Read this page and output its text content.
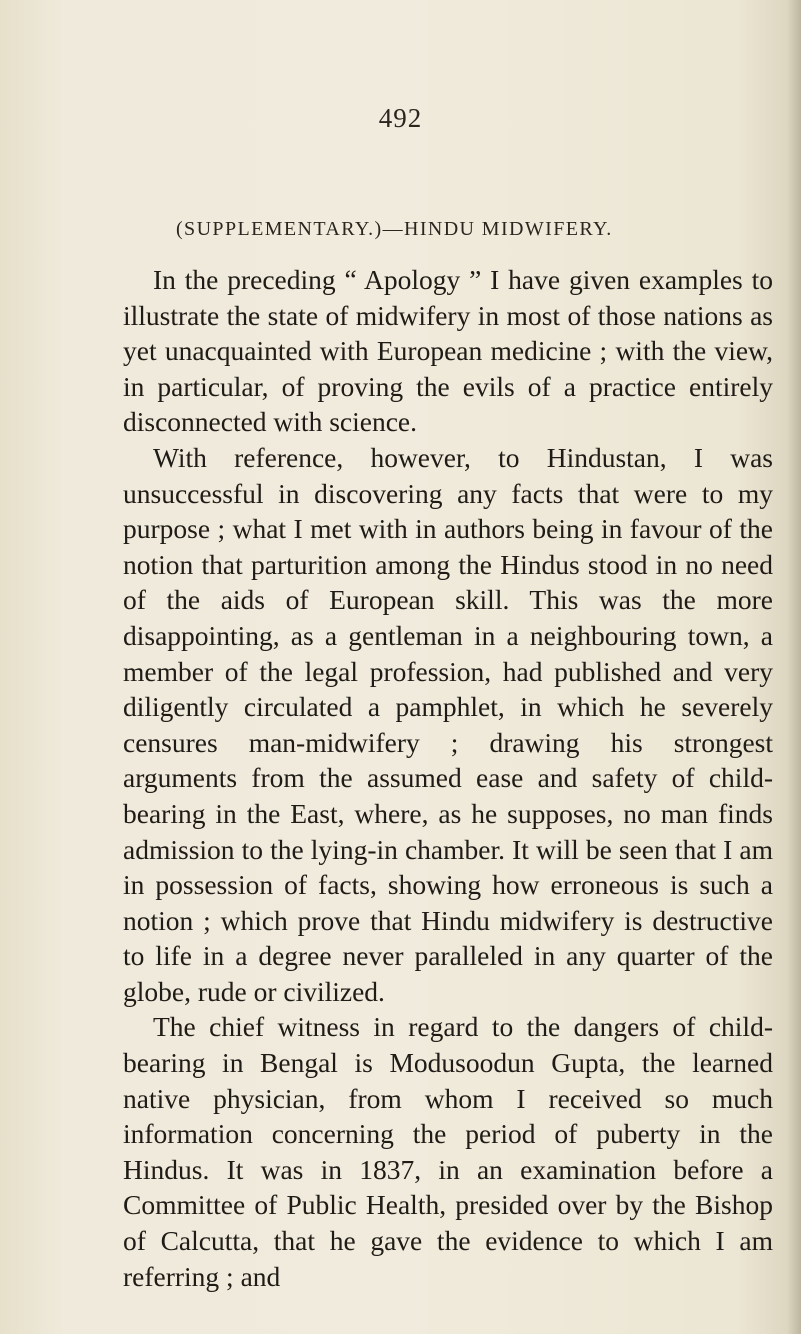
492
(SUPPLEMENTARY.)—HINDU MIDWIFERY.

In the preceding “ Apology ” I have given examples to illustrate the state of midwifery in most of those nations as yet unacquainted with European medicine ; with the view, in particular, of proving the evils of a practice entirely disconnected with science.

With reference, however, to Hindustan, I was unsuccessful in discovering any facts that were to my purpose ; what I met with in authors being in favour of the notion that parturition among the Hindus stood in no need of the aids of European skill. This was the more disappointing, as a gentleman in a neighbouring town, a member of the legal profession, had published and very diligently circulated a pamphlet, in which he severely censures man-midwifery ; drawing his strongest arguments from the assumed ease and safety of child-bearing in the East, where, as he supposes, no man finds admission to the lying-in chamber. It will be seen that I am in possession of facts, showing how erroneous is such a notion ; which prove that Hindu midwifery is destructive to life in a degree never paralleled in any quarter of the globe, rude or civilized.

The chief witness in regard to the dangers of child-bearing in Bengal is Modusoodun Gupta, the learned native physician, from whom I received so much information concerning the period of puberty in the Hindus. It was in 1837, in an examination before a Committee of Public Health, presided over by the Bishop of Calcutta, that he gave the evidence to which I am referring ; and
